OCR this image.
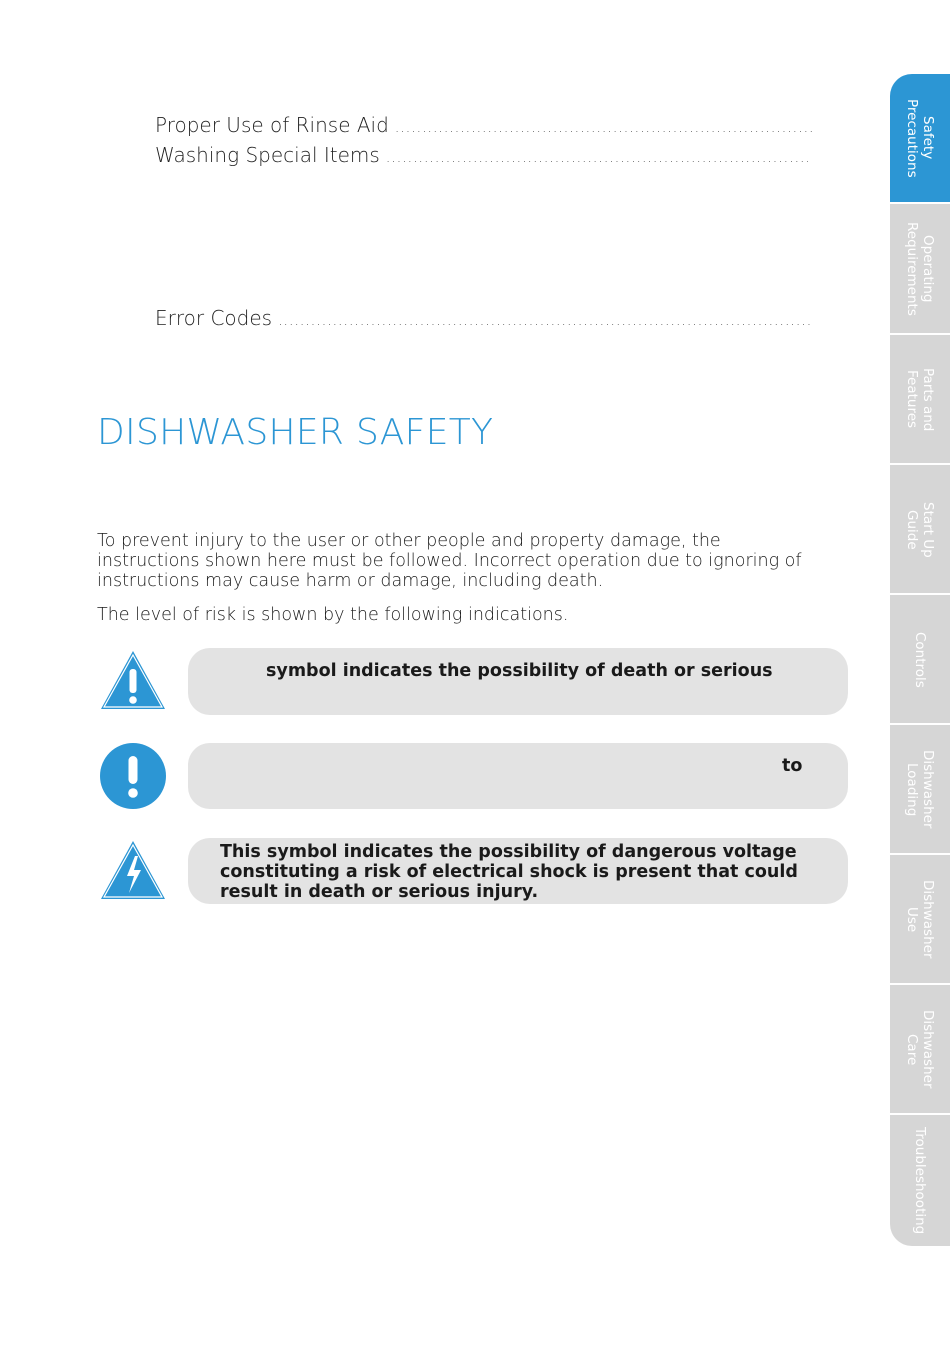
Proper Use of Rinse Aid
.....
Washing Special Items
.....
Error Codes
.....
DISHWASHER SAFETY

To prevent injury to the user or other people and property damage, the instructions shown here must be followed. Incorrect operation due to ignoring of instructions may cause harm or damage, including death.

The level of risk is shown by the following indications.

symbol indicates the possibility of death or serious
to
This symbol indicates the possibility of dangerous voltage constituting a risk of electrical shock is present that could result in death or serious injury.
Safety
Precautions
Operating
Requirements
Parts and
Features
Start Up
Guide
Controls
Dishwasher
Loading
Dishwasher
Use
Dishwasher
Care
Troubleshooting
